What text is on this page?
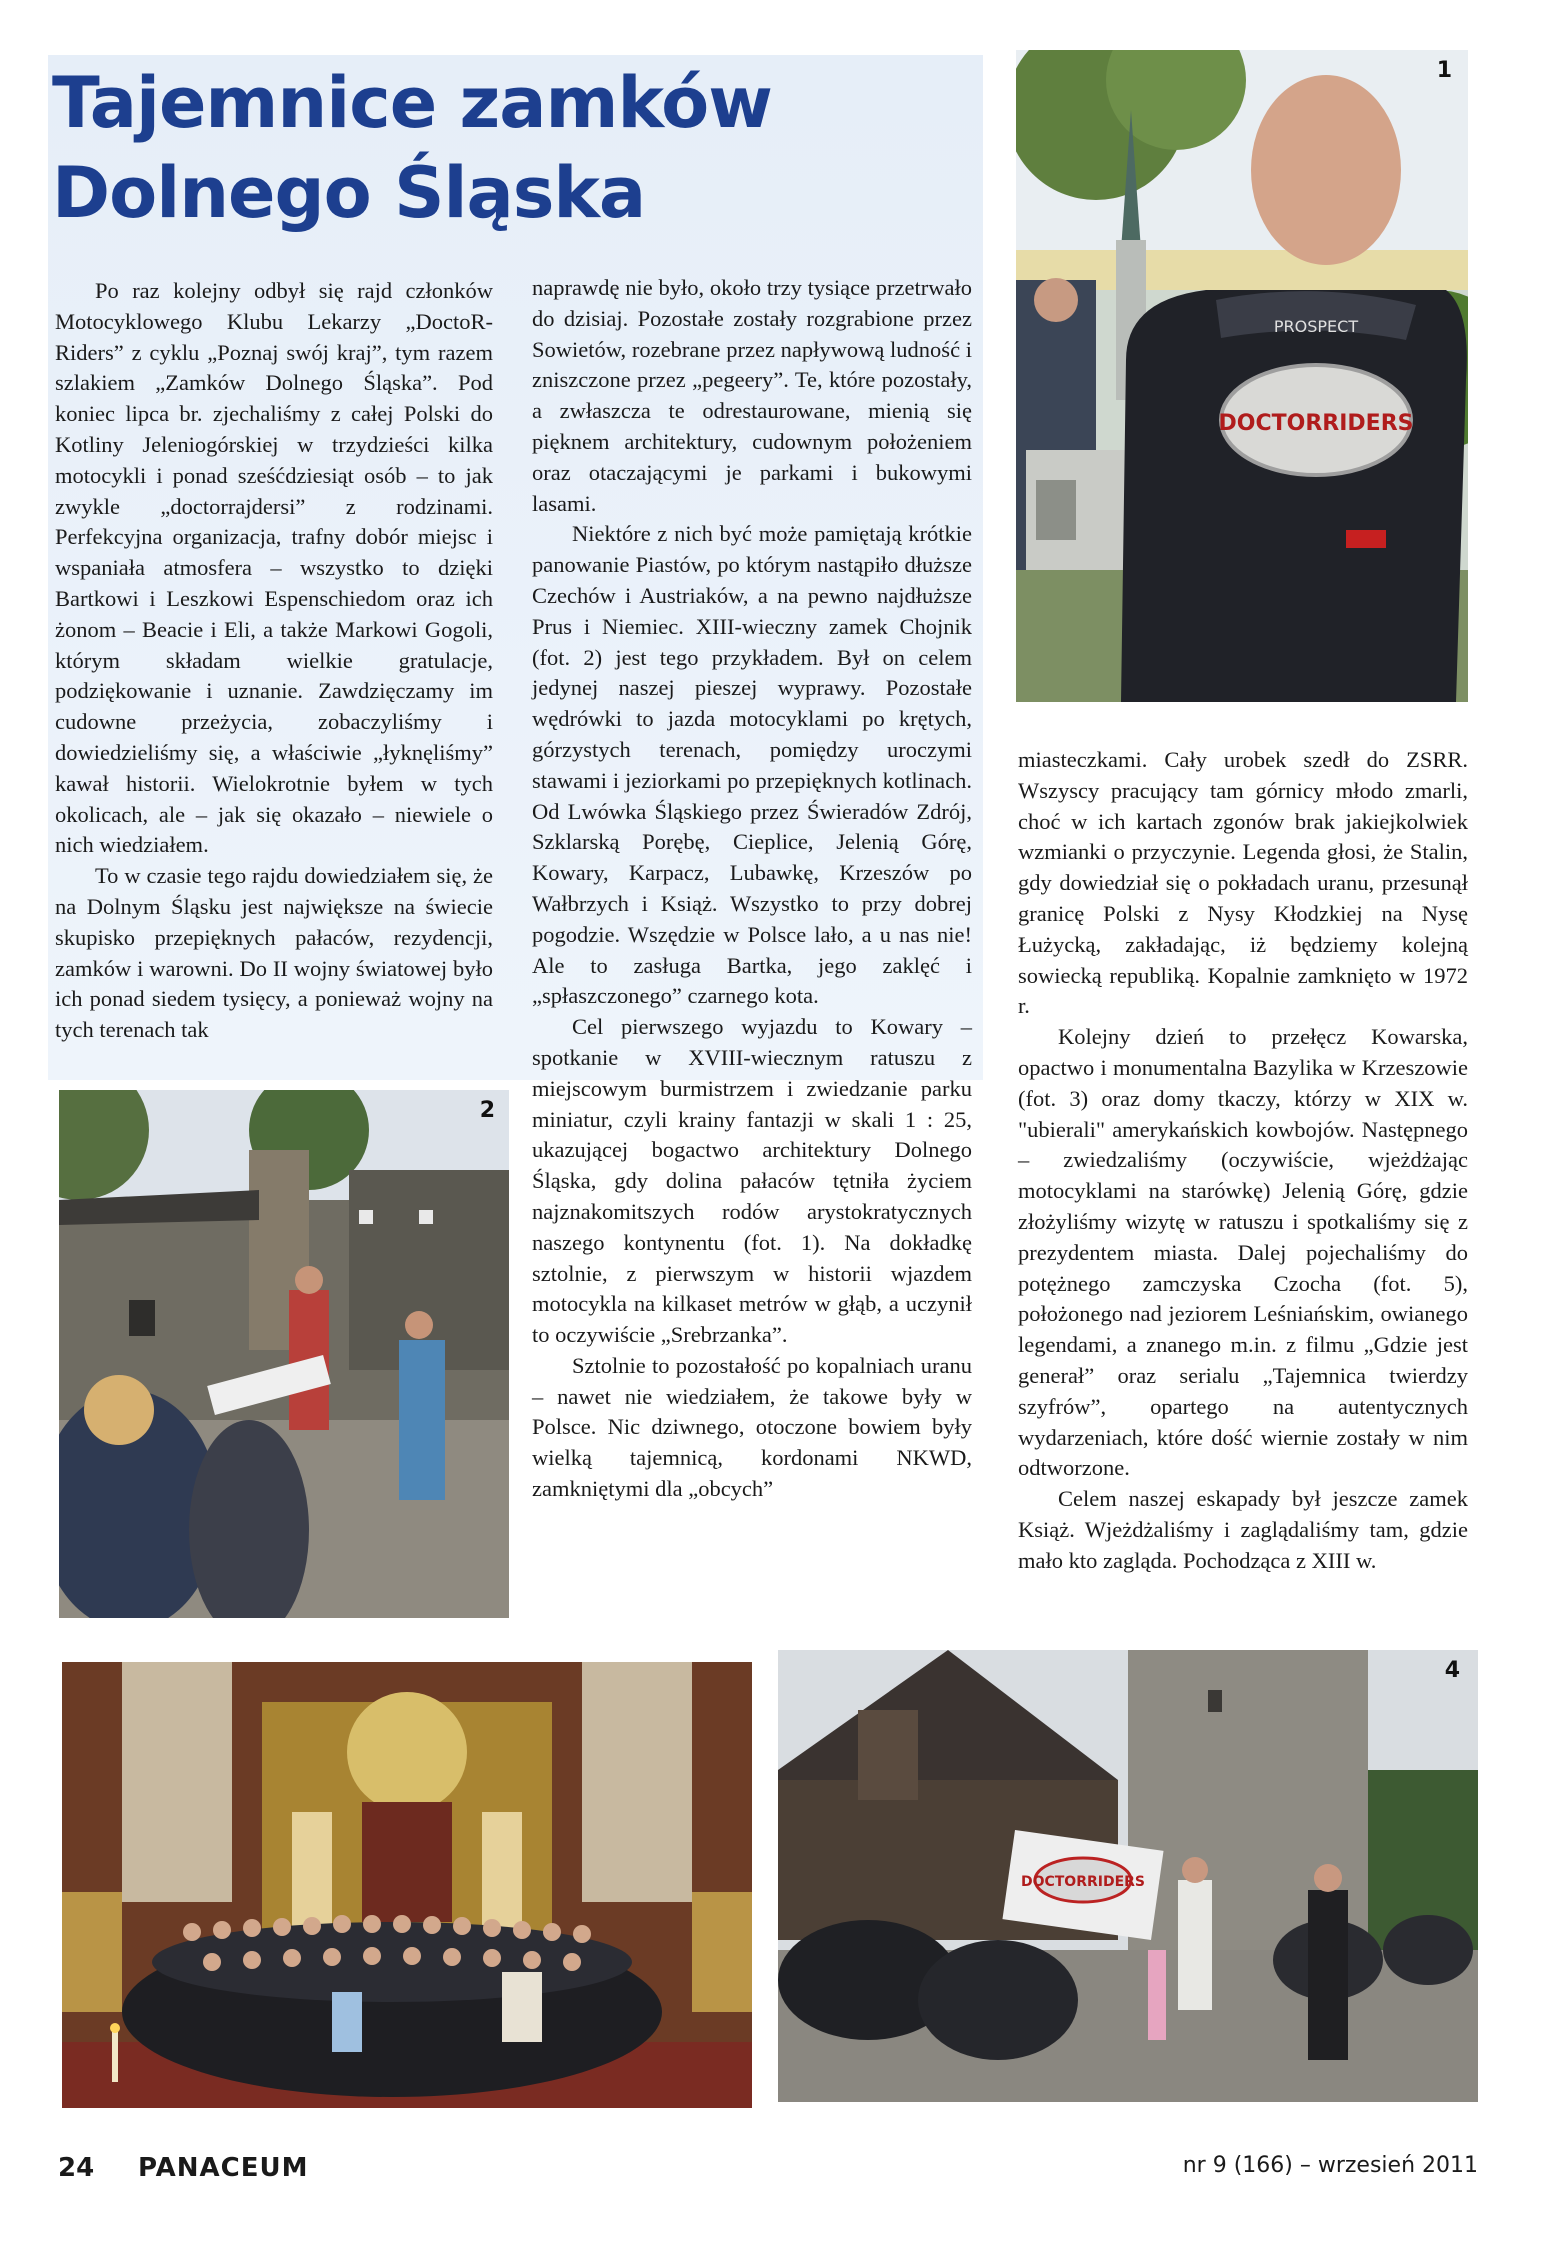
Tajemnice zamków
Dolnego Śląska

Po raz kolejny odbył się rajd członków Motocyklowego Klubu Lekarzy „DoctoR-Riders” z cyklu „Poznaj swój kraj”, tym razem szlakiem „Zamków Dolnego Śląska”. Pod koniec lipca br. zjechaliśmy z całej Polski do Kotliny Jeleniogórskiej w trzydzieści kilka motocykli i ponad sześćdziesiąt osób – to jak zwykle „doctorrajdersi” z rodzinami. Perfekcyjna organizacja, trafny dobór miejsc i wspaniała atmosfera – wszystko to dzięki Bartkowi i Leszkowi Espenschiedom oraz ich żonom – Beacie i Eli, a także Markowi Gogoli, którym składam wielkie gratulacje, podziękowanie i uznanie. Zawdzięczamy im cudowne przeżycia, zobaczyliśmy i dowiedzieliśmy się, a właściwie „łyknęliśmy” kawał historii. Wielokrotnie byłem w tych okolicach, ale – jak się okazało – niewiele o nich wiedziałem.

To w czasie tego rajdu dowiedziałem się, że na Dolnym Śląsku jest największe na świecie skupisko przepięknych pałaców, rezydencji, zamków i warowni. Do II wojny światowej było ich ponad siedem tysięcy, a ponieważ wojny na tych terenach tak

naprawdę nie było, około trzy tysiące przetrwało do dzisiaj. Pozostałe zostały rozgrabione przez Sowietów, rozebrane przez napływową ludność i zniszczone przez „pegeery”. Te, które pozostały, a zwłaszcza te odrestaurowane, mienią się pięknem architektury, cudownym położeniem oraz otaczającymi je parkami i bukowymi lasami.

Niektóre z nich być może pamiętają krótkie panowanie Piastów, po którym nastąpiło dłuższe Czechów i Austriaków, a na pewno najdłuższe Prus i Niemiec. XIII-wieczny zamek Chojnik (fot. 2) jest tego przykładem. Był on celem jedynej naszej pieszej wyprawy. Pozostałe wędrówki to jazda motocyklami po krętych, górzystych terenach, pomiędzy uroczymi stawami i jeziorkami po przepięknych kotlinach. Od Lwówka Śląskiego przez Świeradów Zdrój, Szklarską Porębę, Cieplice, Jelenią Górę, Kowary, Karpacz, Lubawkę, Krzeszów po Wałbrzych i Książ. Wszystko to przy dobrej pogodzie. Wszędzie w Polsce lało, a u nas nie! Ale to zasługa Bartka, jego zaklęć i „spłaszczonego” czarnego kota.

Cel pierwszego wyjazdu to Kowary – spotkanie w XVIII-wiecznym ratuszu z miejscowym burmistrzem i zwiedzanie parku miniatur, czyli krainy fantazji w skali 1 : 25, ukazującej bogactwo architektury Dolnego Śląska, gdy dolina pałaców tętniła życiem najznakomitszych rodów arystokratycznych naszego kontynentu (fot. 1). Na dokładkę sztolnie, z pierwszym w historii wjazdem motocykla na kilkaset metrów w głąb, a uczynił to oczywiście „Srebrzanka”.

Sztolnie to pozostałość po kopalniach uranu – nawet nie wiedziałem, że takowe były w Polsce. Nic dziwnego, otoczone bowiem były wielką tajemnicą, kordonami NKWD, zamkniętymi dla „obcych”

miasteczkami. Cały urobek szedł do ZSRR. Wszyscy pracujący tam górnicy młodo zmarli, choć w ich kartach zgonów brak jakiejkolwiek wzmianki o przyczynie. Legenda głosi, że Stalin, gdy dowiedział się o pokładach uranu, przesunął granicę Polski z Nysy Kłodzkiej na Nysę Łużycką, zakładając, iż będziemy kolejną sowiecką republiką. Kopalnie zamknięto w 1972 r.

Kolejny dzień to przełęcz Kowarska, opactwo i monumentalna Bazylika w Krzeszowie (fot. 3) oraz domy tkaczy, którzy w XIX w. "ubierali" amerykańskich kowbojów. Następnego – zwiedzaliśmy (oczywiście, wjeżdżając motocyklami na starówkę) Jelenią Górę, gdzie złożyliśmy wizytę w ratuszu i spotkaliśmy się z prezydentem miasta. Dalej pojechaliśmy do potężnego zamczyska Czocha (fot. 5), położonego nad jeziorem Leśniańskim, owianego legendami, a znanego m.in. z filmu „Gdzie jest generał” oraz serialu „Tajemnica twierdzy szyfrów”, opartego na autentycznych wydarzeniach, które dość wiernie zostały w nim odtworzone.

Celem naszej eskapady był jeszcze zamek Książ. Wjeżdżaliśmy i zaglądaliśmy tam, gdzie mało kto zagląda. Pochodząca z XIII w.

PROSPECT
DOCTORRIDERS
1
2
DOCTORRIDERS
4
24 PANACEUM	nr 9 (166) – wrzesień 2011
